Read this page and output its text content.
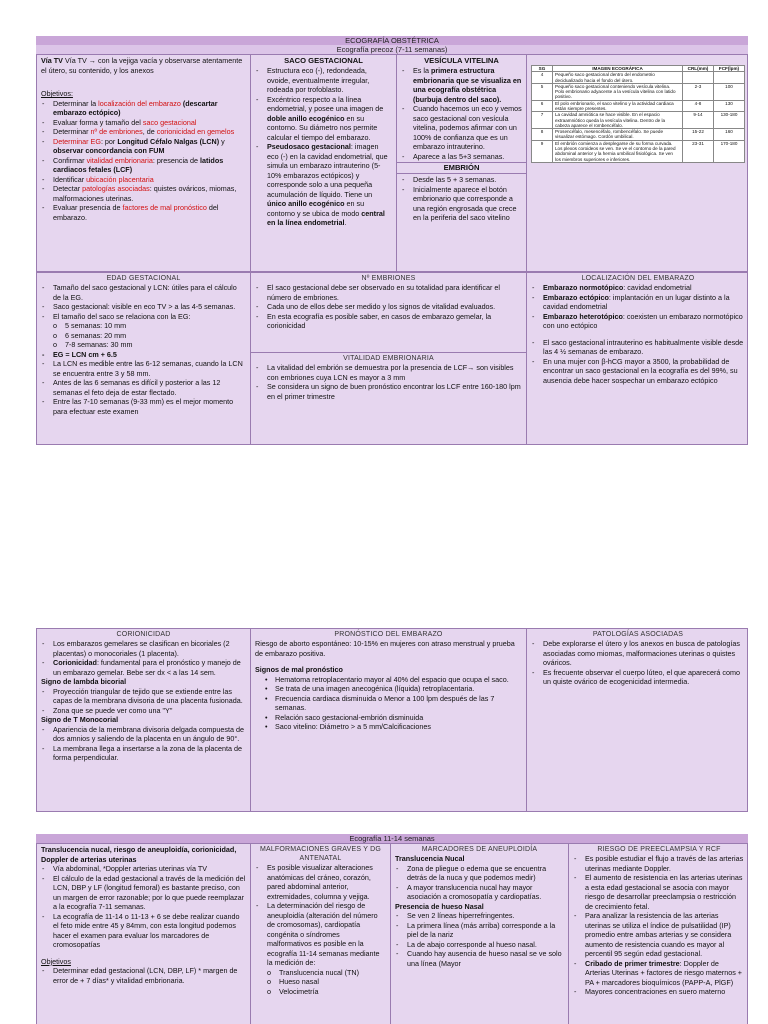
ECOGRAFÍA OBSTÉTRICA
Ecografía precoz (7-11 semanas)

Vía TV Vía TV → con la vejiga vacía y observarse atentamente el útero, su contenido, y los anexos

Objetivos:

- Determinar la localización del embarazo (descartar embarazo ectópico)
- Evaluar forma y tamaño del saco gestacional
- Determinar nº de embriones, de corionicidad en gemelos
- Determinar EG: por Longitud Céfalo Nalgas (LCN) y observar concordancia con FUM
- Confirmar vitalidad embrionaria: presencia de latidos cardiacos fetales (LCF)
- Identificar ubicación placentaria
- Detectar patologías asociadas: quistes ováricos, miomas, malformaciones uterinas.
- Evaluar presencia de factores de mal pronóstico del embarazo.
SACO GESTACIONAL
- Estructura eco (-), redondeada, ovoide, eventualmente irregular, rodeada por trofoblasto.
- Excéntrico respecto a la línea endometrial, y posee una imagen de doble anillo ecogénico en su contorno. Su diámetro nos permite calcular el tiempo del embarazo.
- Pseudosaco gestacional: imagen eco (-) en la cavidad endometrial, que simula un embarazo intrauterino (5-10% embarazos ectópicos) y corresponde solo a una pequeña acumulación de líquido. Tiene un único anillo ecogénico en su contorno y se ubica de modo central en la línea endometrial.
VESÍCULA VITELINA
- Es la primera estructura embrionaria que se visualiza en una ecografía obstétrica (burbuja dentro del saco).
- Cuando hacemos un eco y vemos saco gestacional con vesícula vitelina, podemos afirmar con un 100% de confianza que es un embarazo intrauterino.
- Aparece a las 5+3 semanas.
EMBRIÓN
- Desde las 5 + 3 semanas.
- Inicialmente aparece el botón embrionario que corresponde a una región engrosada que crece en la periferia del saco vitelino
SG	IMAGEN ECOGRÁFICA	CRL(mm)	FCF(lpm)
4	Pequeño saco gestacional dentro del endometrio decidualizado hacia el fondo del útero.		
5	Pequeño saco gestacional conteniendo vesícula vitelina. Polo embrionario adyacente a la vesícula vitelina con latido positivo.	2-3	100
6	El polo embrionario, el saco vitelino y la actividad cardiaca están siempre presentes.	4-8	130
7	La cavidad amniótica se hace visible. En el espacio extraamniótico queda la vesícula vitelina. Dentro de la cabeza aparece el rombencéfalo.	9-14	130-180
8	Prosencéfalo, mesencéfalo, rombencéfalo. Se puede visualizar estómago. Cordón umbilical.	15-22	160
9	El embrión comienza a desplegarse de su forma curvada. Los plexos coroideos se ven. Se ve el contorno de la pared abdominal anterior y la hernia umbilical fisiológica. Se ven los miembros superiores e inferiores.	23-31	170-180
EDAD GESTACIONAL
- Tamaño del saco gestacional y LCN: útiles para el cálculo de la EG.
- Saco gestacional: visible en eco TV > a las 4-5 semanas.
- El tamaño del saco se relaciona con la EG:
o 5 semanas: 10 mm
o 6 semanas: 20 mm
o 7-8 semanas: 30 mm
- EG = LCN cm + 6.5
- La LCN es medible entre las 6-12 semanas, cuando la LCN se encuentra entre 3 y 58 mm.
- Antes de las 6 semanas es difícil y posterior a las 12 semanas el feto deja de estar flectado.
- Entre las 7-10 semanas (9-33 mm) es el mejor momento para efectuar este examen
Nº EMBRIONES
- El saco gestacional debe ser observado en su totalidad para identificar el número de embriones.
- Cada uno de ellos debe ser medido y los signos de vitalidad evaluados.
- En esta ecografía es posible saber, en casos de embarazo gemelar, la corionicidad
VITALIDAD EMBRIONARIA
- La vitalidad del embrión se demuestra por la presencia de LCF→ son visibles con embriones cuya LCN es mayor a 3 mm
- Se considera un signo de buen pronóstico encontrar los LCF entre 160-180 lpm en el primer trimestre
LOCALIZACIÓN DEL EMBARAZO
- Embarazo normotópico: cavidad endometrial
- Embarazo ectópico: implantación en un lugar distinto a la cavidad endometrial
- Embarazo heterotópico: coexisten un embarazo normotópico con uno ectópico
- El saco gestacional intrauterino es habitualmente visible desde las 4 ½ semanas de embarazo.
- En una mujer con β-hCG mayor a 3500, la probabilidad de encontrar un saco gestacional en la ecografía es del 99%, su ausencia debe hacer sospechar un embarazo ectópico
CORIONICIDAD
- Los embarazos gemelares se clasifican en bicoriales (2 placentas) o monocoriales (1 placenta).
- Corionicidad: fundamental para el pronóstico y manejo de un embarazo gemelar. Bebe ser dx < a las 14 sem.

Signo de lambda bicorial

- Proyección triangular de tejido que se extiende entre las capas de la membrana divisoria de una placenta fusionada.
- Zona que se puede ver como una "Y"

Signo de T Monocorial

- Apariencia de la membrana divisoria delgada compuesta de dos amnios y saliendo de la placenta en un ángulo de 90°.
- La membrana llega a insertarse a la zona de la placenta de forma perpendicular.
PRONÓSTICO DEL EMBARAZO

Riesgo de aborto espontáneo: 10-15% en mujeres con atraso menstrual y prueba de embarazo positiva.

Signos de mal pronóstico

• Hematoma retroplacentario mayor al 40% del espacio que ocupa el saco.
• Se trata de una imagen anecogénica (líquida) retroplacentaria.
• Frecuencia cardiaca disminuida o Menor a 100 lpm después de las 7 semanas.
• Relación saco gestacional-embrión disminuida
• Saco vitelino: Diámetro > a 5 mm/Calcificaciones
PATOLOGÍAS ASOCIADAS
- Debe explorarse el útero y los anexos en busca de patologías asociadas como miomas, malformaciones uterinas o quistes ováricos.
- Es frecuente observar el cuerpo lúteo, el que aparecerá como un quiste ovárico de ecogenicidad intermedia.
Ecografía 11-14 semanas

Translucencia nucal, riesgo de aneuploidía, corionicidad, Doppler de arterias uterinas

- Vía abdominal, *Doppler arterias uterinas vía TV
- El cálculo de la edad gestacional a través de la medición del LCN, DBP y LF (longitud femoral) es bastante preciso, con un margen de error razonable; por lo que puede reemplazar a la ecografía 7-11 semanas.
- La ecografía de 11-14 o 11-13 + 6 se debe realizar cuando el feto mide entre 45 y 84mm, con esta longitud podemos hacer el examen para evaluar los marcadores de cromosopatías

Objetivos

- Determinar edad gestacional (LCN, DBP, LF) * margen de error de + 7 días* y vitalidad embrionaria.
MALFORMACIONES GRAVES Y DG ANTENATAL
- Es posible visualizar alteraciones anatómicas del cráneo, corazón, pared abdominal anterior, extremidades, columna y vejiga.
- La determinación del riesgo de aneuploidía (alteración del número de cromosomas), cardiopatía congénita o síndromes malformativos es posible en la ecografía 11-14 semanas mediante la medición de:
o Translucencia nucal (TN)
o Hueso nasal
o Velocimetría
MARCADORES DE ANEUPLOIDÍA

Translucencia Nucal

- Zona de pliegue o edema que se encuentra detrás de la nuca y que podemos medir)
- A mayor translucencia nucal hay mayor asociación a cromosopatía y cardiopatías.

Presencia de hueso Nasal

- Se ven 2 líneas hiperrefringentes.
- La primera línea (más arriba) corresponde a la piel de la nariz
- La de abajo corresponde al hueso nasal.
- Cuando hay ausencia de hueso nasal se ve solo una línea (Mayor
RIESGO DE PREECLAMPSIA Y RCF
- Es posible estudiar el flujo a través de las arterias uterinas mediante Doppler.
- El aumento de resistencia en las arterias uterinas a esta edad gestacional se asocia con mayor riesgo de desarrollar preeclampsia o restricción de crecimiento fetal.
- Para analizar la resistencia de las arterias uterinas se utiliza el índice de pulsatilidad (IP) promedio entre ambas arterias y se considera aumento de resistencia cuando es mayor al percentil 95 según edad gestacional.
- Cribado de primer trimestre: Doppler de Arterias Uterinas + factores de riesgo maternos + PA + marcadores bioquímicos (PAPP-A, PlGF)
- Mayores concentraciones en suero materno
